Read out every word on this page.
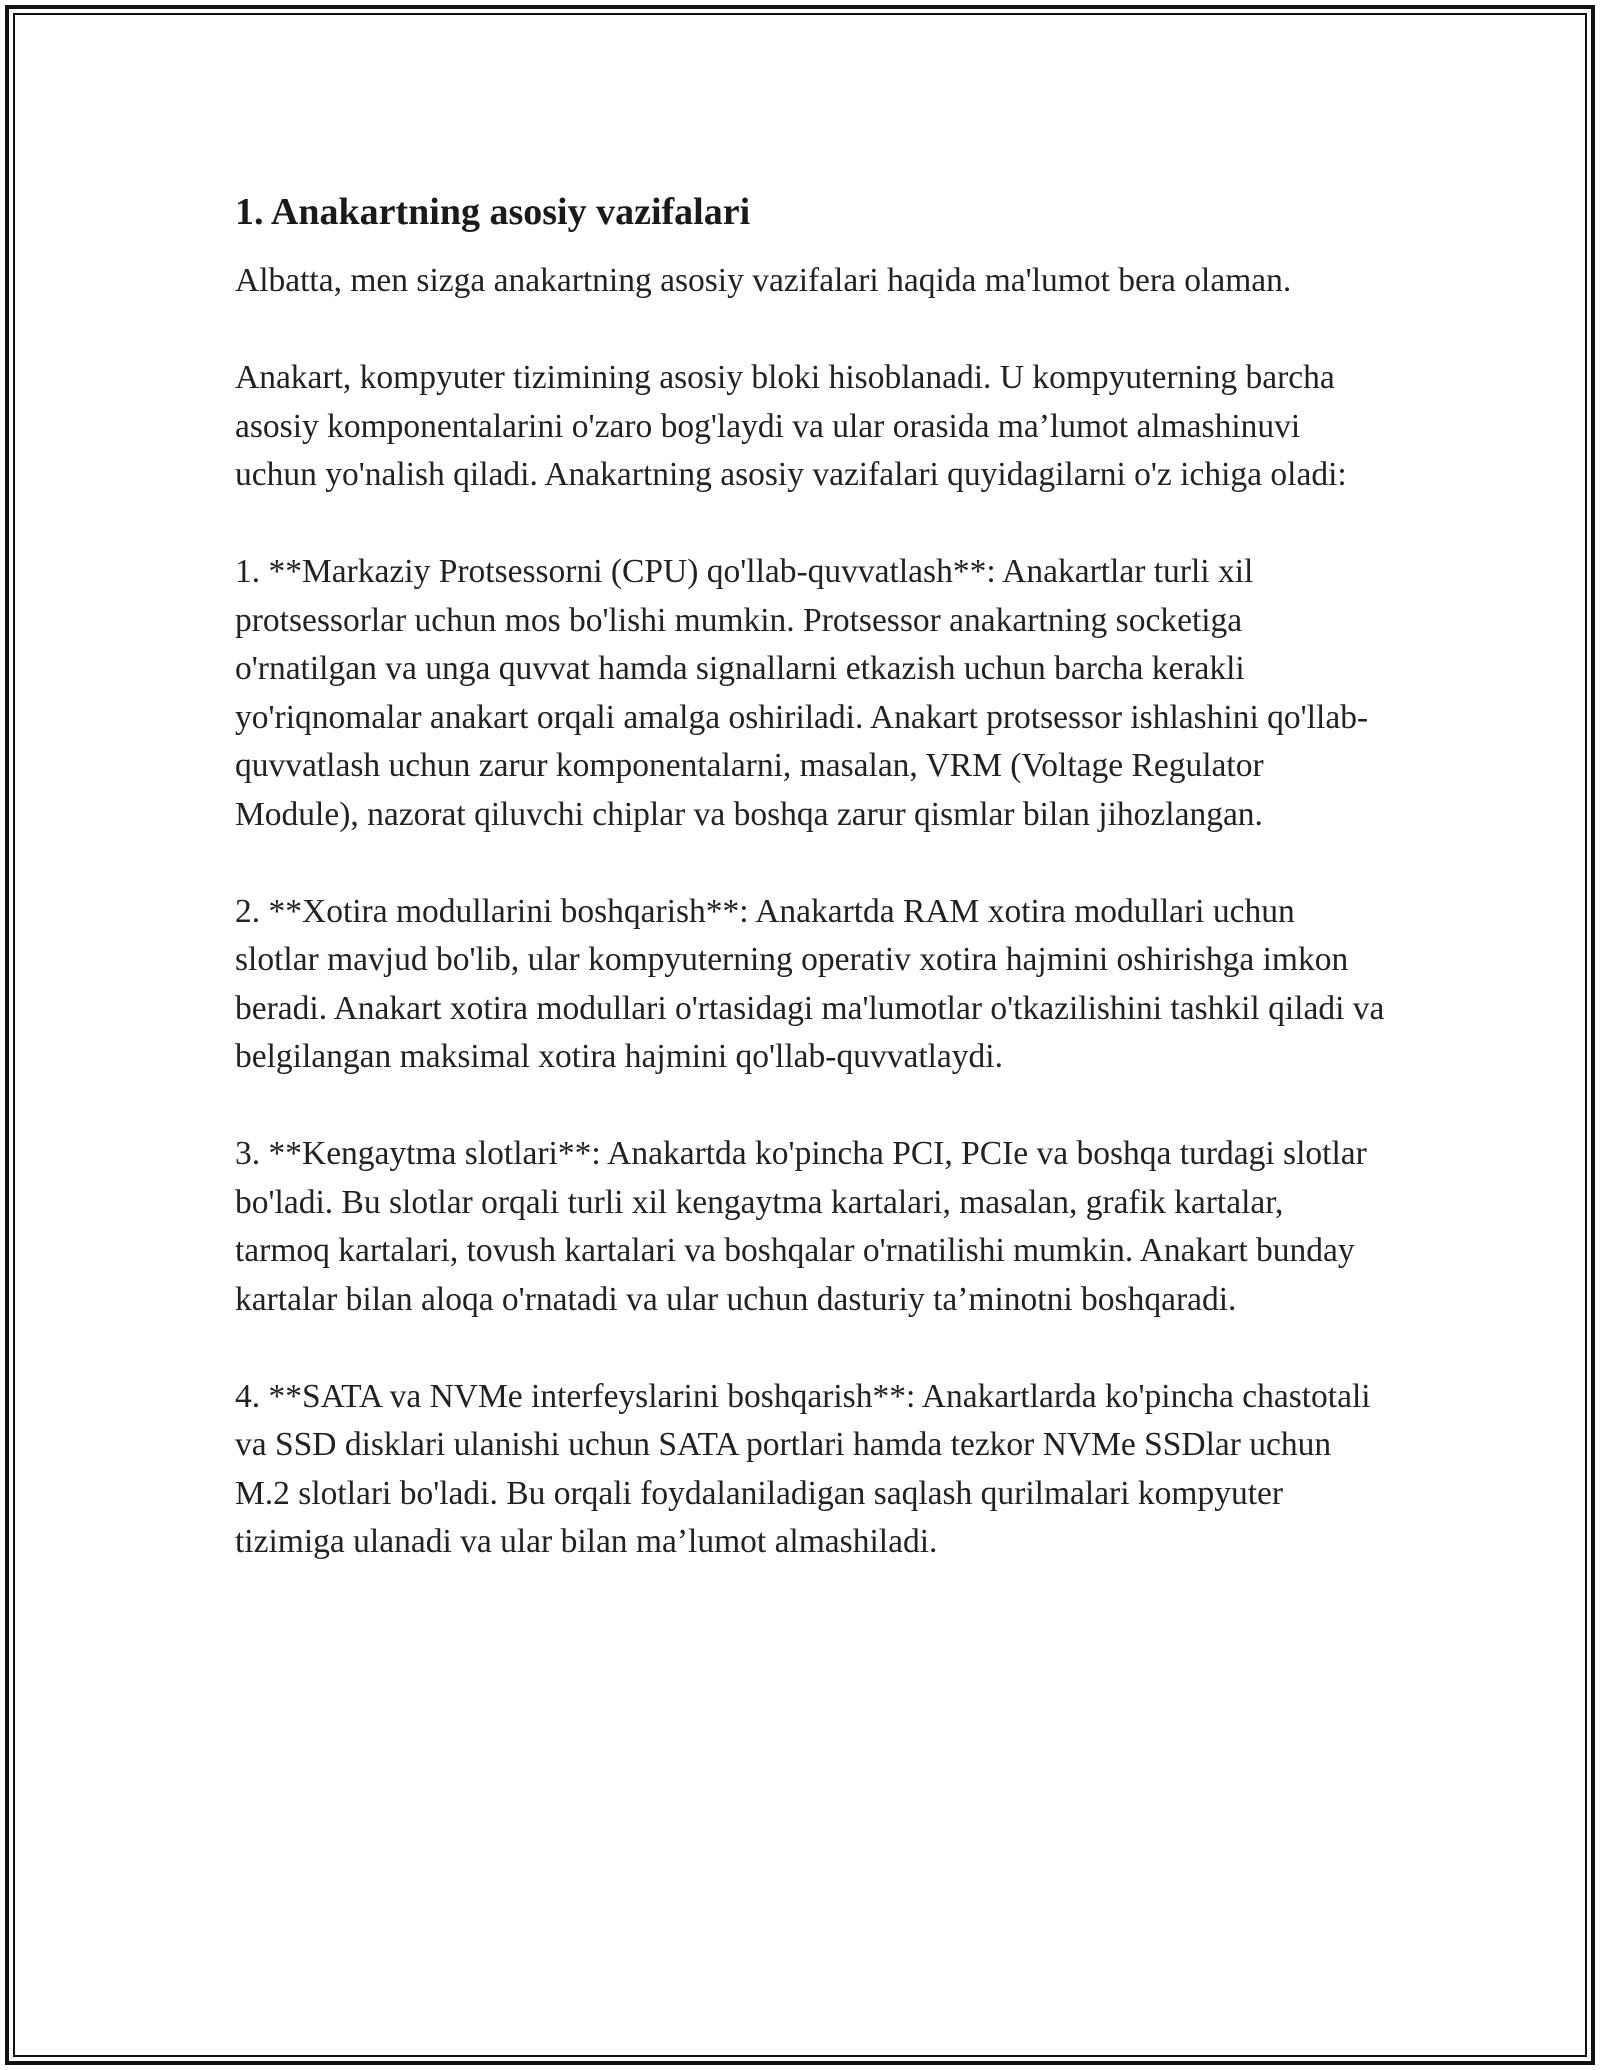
1. Anakartning asosiy vazifalari

Albatta, men sizga anakartning asosiy vazifalari haqida ma'lumot bera olaman.

Anakart, kompyuter tizimining asosiy bloki hisoblanadi. U kompyuterning barcha asosiy komponentalarini o'zaro bog'laydi va ular orasida ma’lumot almashinuvi uchun yo'nalish qiladi. Anakartning asosiy vazifalari quyidagilarni o'z ichiga oladi:

1. **Markaziy Protsessorni (CPU) qo'llab-quvvatlash**: Anakartlar turli xil protsessorlar uchun mos bo'lishi mumkin. Protsessor anakartning socketiga o'rnatilgan va unga quvvat hamda signallarni etkazish uchun barcha kerakli yo'riqnomalar anakart orqali amalga oshiriladi. Anakart protsessor ishlashini qo'llab-quvvatlash uchun zarur komponentalarni, masalan, VRM (Voltage Regulator Module), nazorat qiluvchi chiplar va boshqa zarur qismlar bilan jihozlangan.

2. **Xotira modullarini boshqarish**: Anakartda RAM xotira modullari uchun slotlar mavjud bo'lib, ular kompyuterning operativ xotira hajmini oshirishga imkon beradi. Anakart xotira modullari o'rtasidagi ma'lumotlar o'tkazilishini tashkil qiladi va belgilangan maksimal xotira hajmini qo'llab-quvvatlaydi.

3. **Kengaytma slotlari**: Anakartda ko'pincha PCI, PCIe va boshqa turdagi slotlar bo'ladi. Bu slotlar orqali turli xil kengaytma kartalari, masalan, grafik kartalar, tarmoq kartalari, tovush kartalari va boshqalar o'rnatilishi mumkin. Anakart bunday kartalar bilan aloqa o'rnatadi va ular uchun dasturiy ta’minotni boshqaradi.

4. **SATA va NVMe interfeyslarini boshqarish**: Anakartlarda ko'pincha chastotali va SSD disklari ulanishi uchun SATA portlari hamda tezkor NVMe SSDlar uchun M.2 slotlari bo'ladi. Bu orqali foydalaniladigan saqlash qurilmalari kompyuter tizimiga ulanadi va ular bilan ma’lumot almashiladi.
